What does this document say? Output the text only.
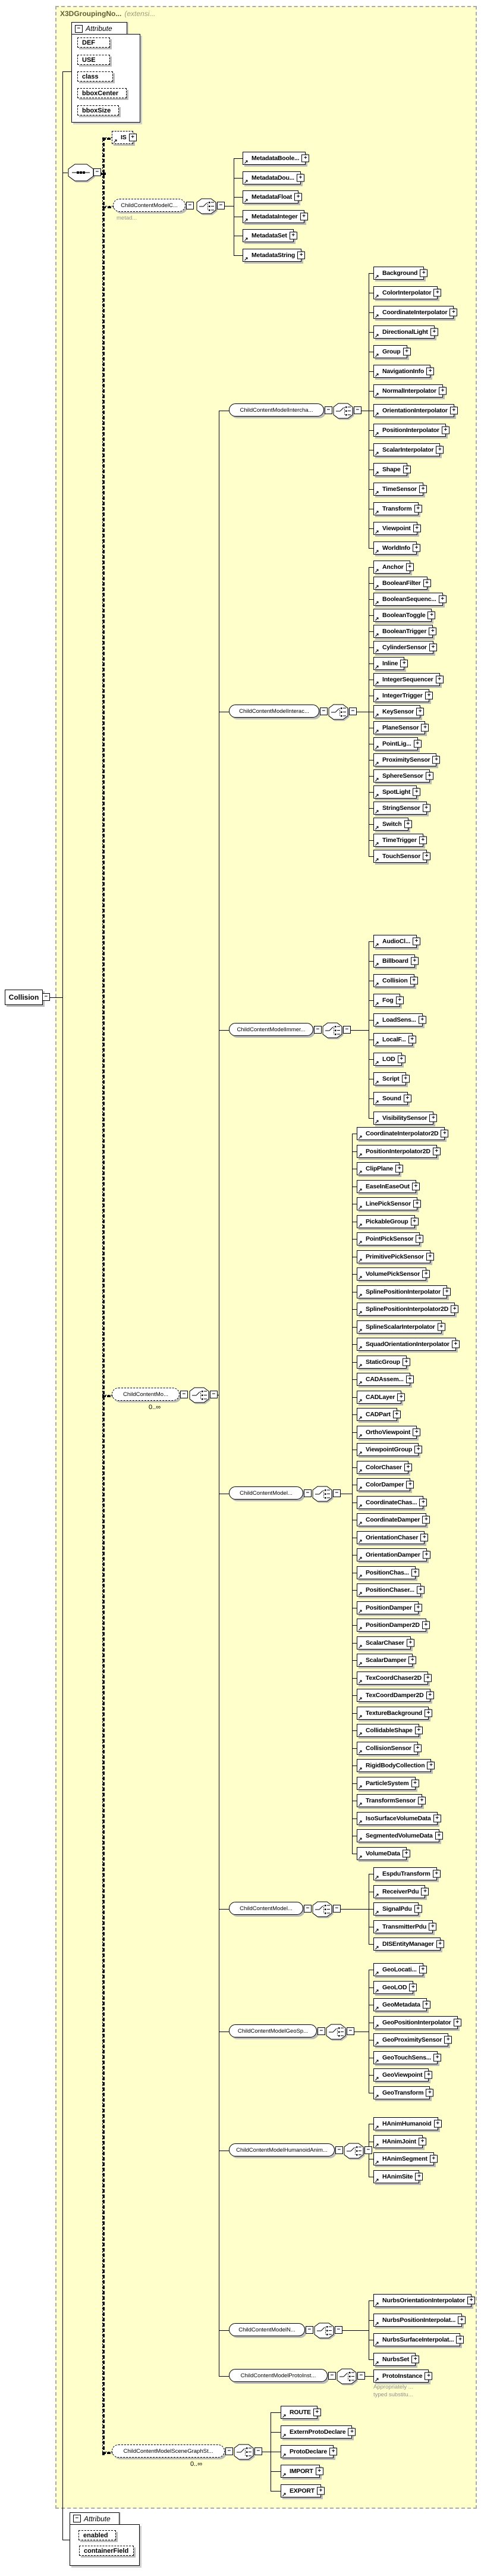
X3DGroupingNo... (extensi...
Collision
− Attribute
− Attribute
−
DEF
USE
class
bboxCenter
bboxSize
enabled
containerField
−
↗ IS +
ChildContentModelC...
metad...
−	−
↗ MetadataBoole... +
↗ MetadataDou... +
↗ MetadataFloat +
↗ MetadataInteger +
↗ MetadataSet +
↗ MetadataString +
ChildContentMo...
0..∞
−	−
ChildContentModelIntercha...	−	−
↗ Background +
↗ ColorInterpolator +
↗ CoordinateInterpolator +
↗ DirectionalLight +
↗ Group +
↗ NavigationInfo +
↗ NormalInterpolator +
↗ OrientationInterpolator +
↗ PositionInterpolator +
↗ ScalarInterpolator +
↗ Shape +
↗ TimeSensor +
↗ Transform +
↗ Viewpoint +
↗ WorldInfo +
ChildContentModelInterac...	−	−
↗ Anchor +
↗ BooleanFilter +
↗ BooleanSequenc... +
↗ BooleanToggle +
↗ BooleanTrigger +
↗ CylinderSensor +
↗ Inline +
↗ IntegerSequencer +
↗ IntegerTrigger +
↗ KeySensor +
↗ PlaneSensor +
↗ PointLig... +
↗ ProximitySensor +
↗ SphereSensor +
↗ SpotLight +
↗ StringSensor +
↗ Switch +
↗ TimeTrigger +
↗ TouchSensor +
ChildContentModelImmer...	−	−
↗ AudioCl... +
↗ Billboard +
↗ Collision +
↗ Fog +
↗ LoadSens... +
↗ LocalF... +
↗ LOD +
↗ Script +
↗ Sound +
↗ VisibilitySensor +
ChildContentModel...	−	−
↗ CoordinateInterpolator2D +
↗ PositionInterpolator2D +
↗ ClipPlane +
↗ EaseInEaseOut +
↗ LinePickSensor +
↗ PickableGroup +
↗ PointPickSensor +
↗ PrimitivePickSensor +
↗ VolumePickSensor +
↗ SplinePositionInterpolator +
↗ SplinePositionInterpolator2D +
↗ SplineScalarInterpolator +
↗ SquadOrientationInterpolator +
↗ StaticGroup +
↗ CADAssem... +
↗ CADLayer +
↗ CADPart +
↗ OrthoViewpoint +
↗ ViewpointGroup +
↗ ColorChaser +
↗ ColorDamper +
↗ CoordinateChas... +
↗ CoordinateDamper +
↗ OrientationChaser +
↗ OrientationDamper +
↗ PositionChas... +
↗ PositionChaser... +
↗ PositionDamper +
↗ PositionDamper2D +
↗ ScalarChaser +
↗ ScalarDamper +
↗ TexCoordChaser2D +
↗ TexCoordDamper2D +
↗ TextureBackground +
↗ CollidableShape +
↗ CollisionSensor +
↗ RigidBodyCollection +
↗ ParticleSystem +
↗ TransformSensor +
↗ IsoSurfaceVolumeData +
↗ SegmentedVolumeData +
↗ VolumeData +
ChildContentModel...	−	−
↗ EspduTransform +
↗ ReceiverPdu +
↗ SignalPdu +
↗ TransmitterPdu +
↗ DISEntityManager +
ChildContentModelGeoSp...	−	−
↗ GeoLocati... +
↗ GeoLOD +
↗ GeoMetadata +
↗ GeoPositionInterpolator +
↗ GeoProximitySensor +
↗ GeoTouchSens... +
↗ GeoViewpoint +
↗ GeoTransform +
ChildContentModelHumanoidAnim...	−	−
↗ HAnimHumanoid +
↗ HAnimJoint +
↗ HAnimSegment +
↗ HAnimSite +
ChildContentModelN...	−	−
↗ NurbsOrientationInterpolator +
↗ NurbsPositionInterpolat... +
↗ NurbsSurfaceInterpolat... +
↗ NurbsSet +
ChildContentModelProtoInst...	−	−
↗ ProtoInstance +
Appropriately ...
typed substitu...
ChildContentModelSceneGraphSt...
0..∞
−	−
↗ ROUTE +
↗ ExternProtoDeclare +
↗ ProtoDeclare +
↗ IMPORT +
↗ EXPORT +
